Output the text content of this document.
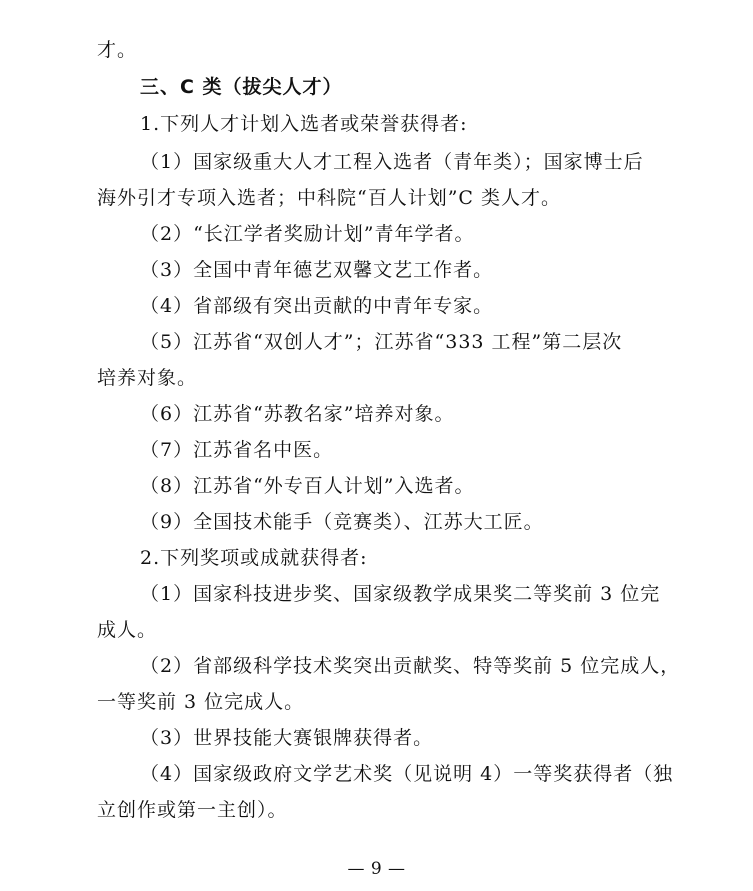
才。
三、C 类（拔尖人才）
1.下列人才计划入选者或荣誉获得者:
（1）国家级重大人才工程入选者（青年类）；国家博士后
海外引才专项入选者；中科院“百人计划”C 类人才。
（2）“长江学者奖励计划”青年学者。
（3）全国中青年德艺双馨文艺工作者。
（4）省部级有突出贡献的中青年专家。
（5）江苏省“双创人才”；江苏省“333 工程”第二层次
培养对象。
（6）江苏省“苏教名家”培养对象。
（7）江苏省名中医。
（8）江苏省“外专百人计划”入选者。
（9）全国技术能手（竞赛类）、江苏大工匠。
2.下列奖项或成就获得者:
（1）国家科技进步奖、国家级教学成果奖二等奖前 3 位完
成人。
（2）省部级科学技术奖突出贡献奖、特等奖前 5 位完成人，
一等奖前 3 位完成人。
（3）世界技能大赛银牌获得者。
（4）国家级政府文学艺术奖（见说明 4）一等奖获得者（独
立创作或第一主创）。
— 9 —
